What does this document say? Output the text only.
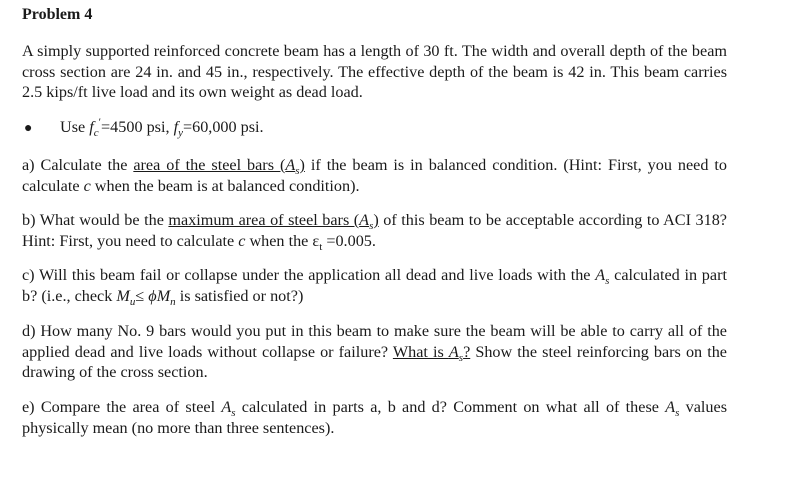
Problem 4
A simply supported reinforced concrete beam has a length of 30 ft. The width and overall depth of the beam cross section are 24 in. and 45 in., respectively. The effective depth of the beam is 42 in. This beam carries 2.5 kips/ft live load and its own weight as dead load.
● Use $f_c'=4500$ psi, $f_y=60,000$ psi.
a) Calculate the area of the steel bars $(A_s)$ if the beam is in balanced condition. (Hint: First, you need to calculate c when the beam is at balanced condition).
b) What would be the maximum area of steel bars $(A_s)$ of this beam to be acceptable according to ACI 318? Hint: First, you need to calculate c when the $\varepsilon_t =0.005$.
c) Will this beam fail or collapse under the application all dead and live loads with the $A_s$ calculated in part b? (i.e., check $M_u\le \phi M_n$ is satisfied or not?)
d) How many No. 9 bars would you put in this beam to make sure the beam will be able to carry all of the applied dead and live loads without collapse or failure? What is $A_s$? Show the steel reinforcing bars on the drawing of the cross section.
e) Compare the area of steel $A_s$ calculated in parts a, b and d? Comment on what all of these $A_s$ values physically mean (no more than three sentences).
